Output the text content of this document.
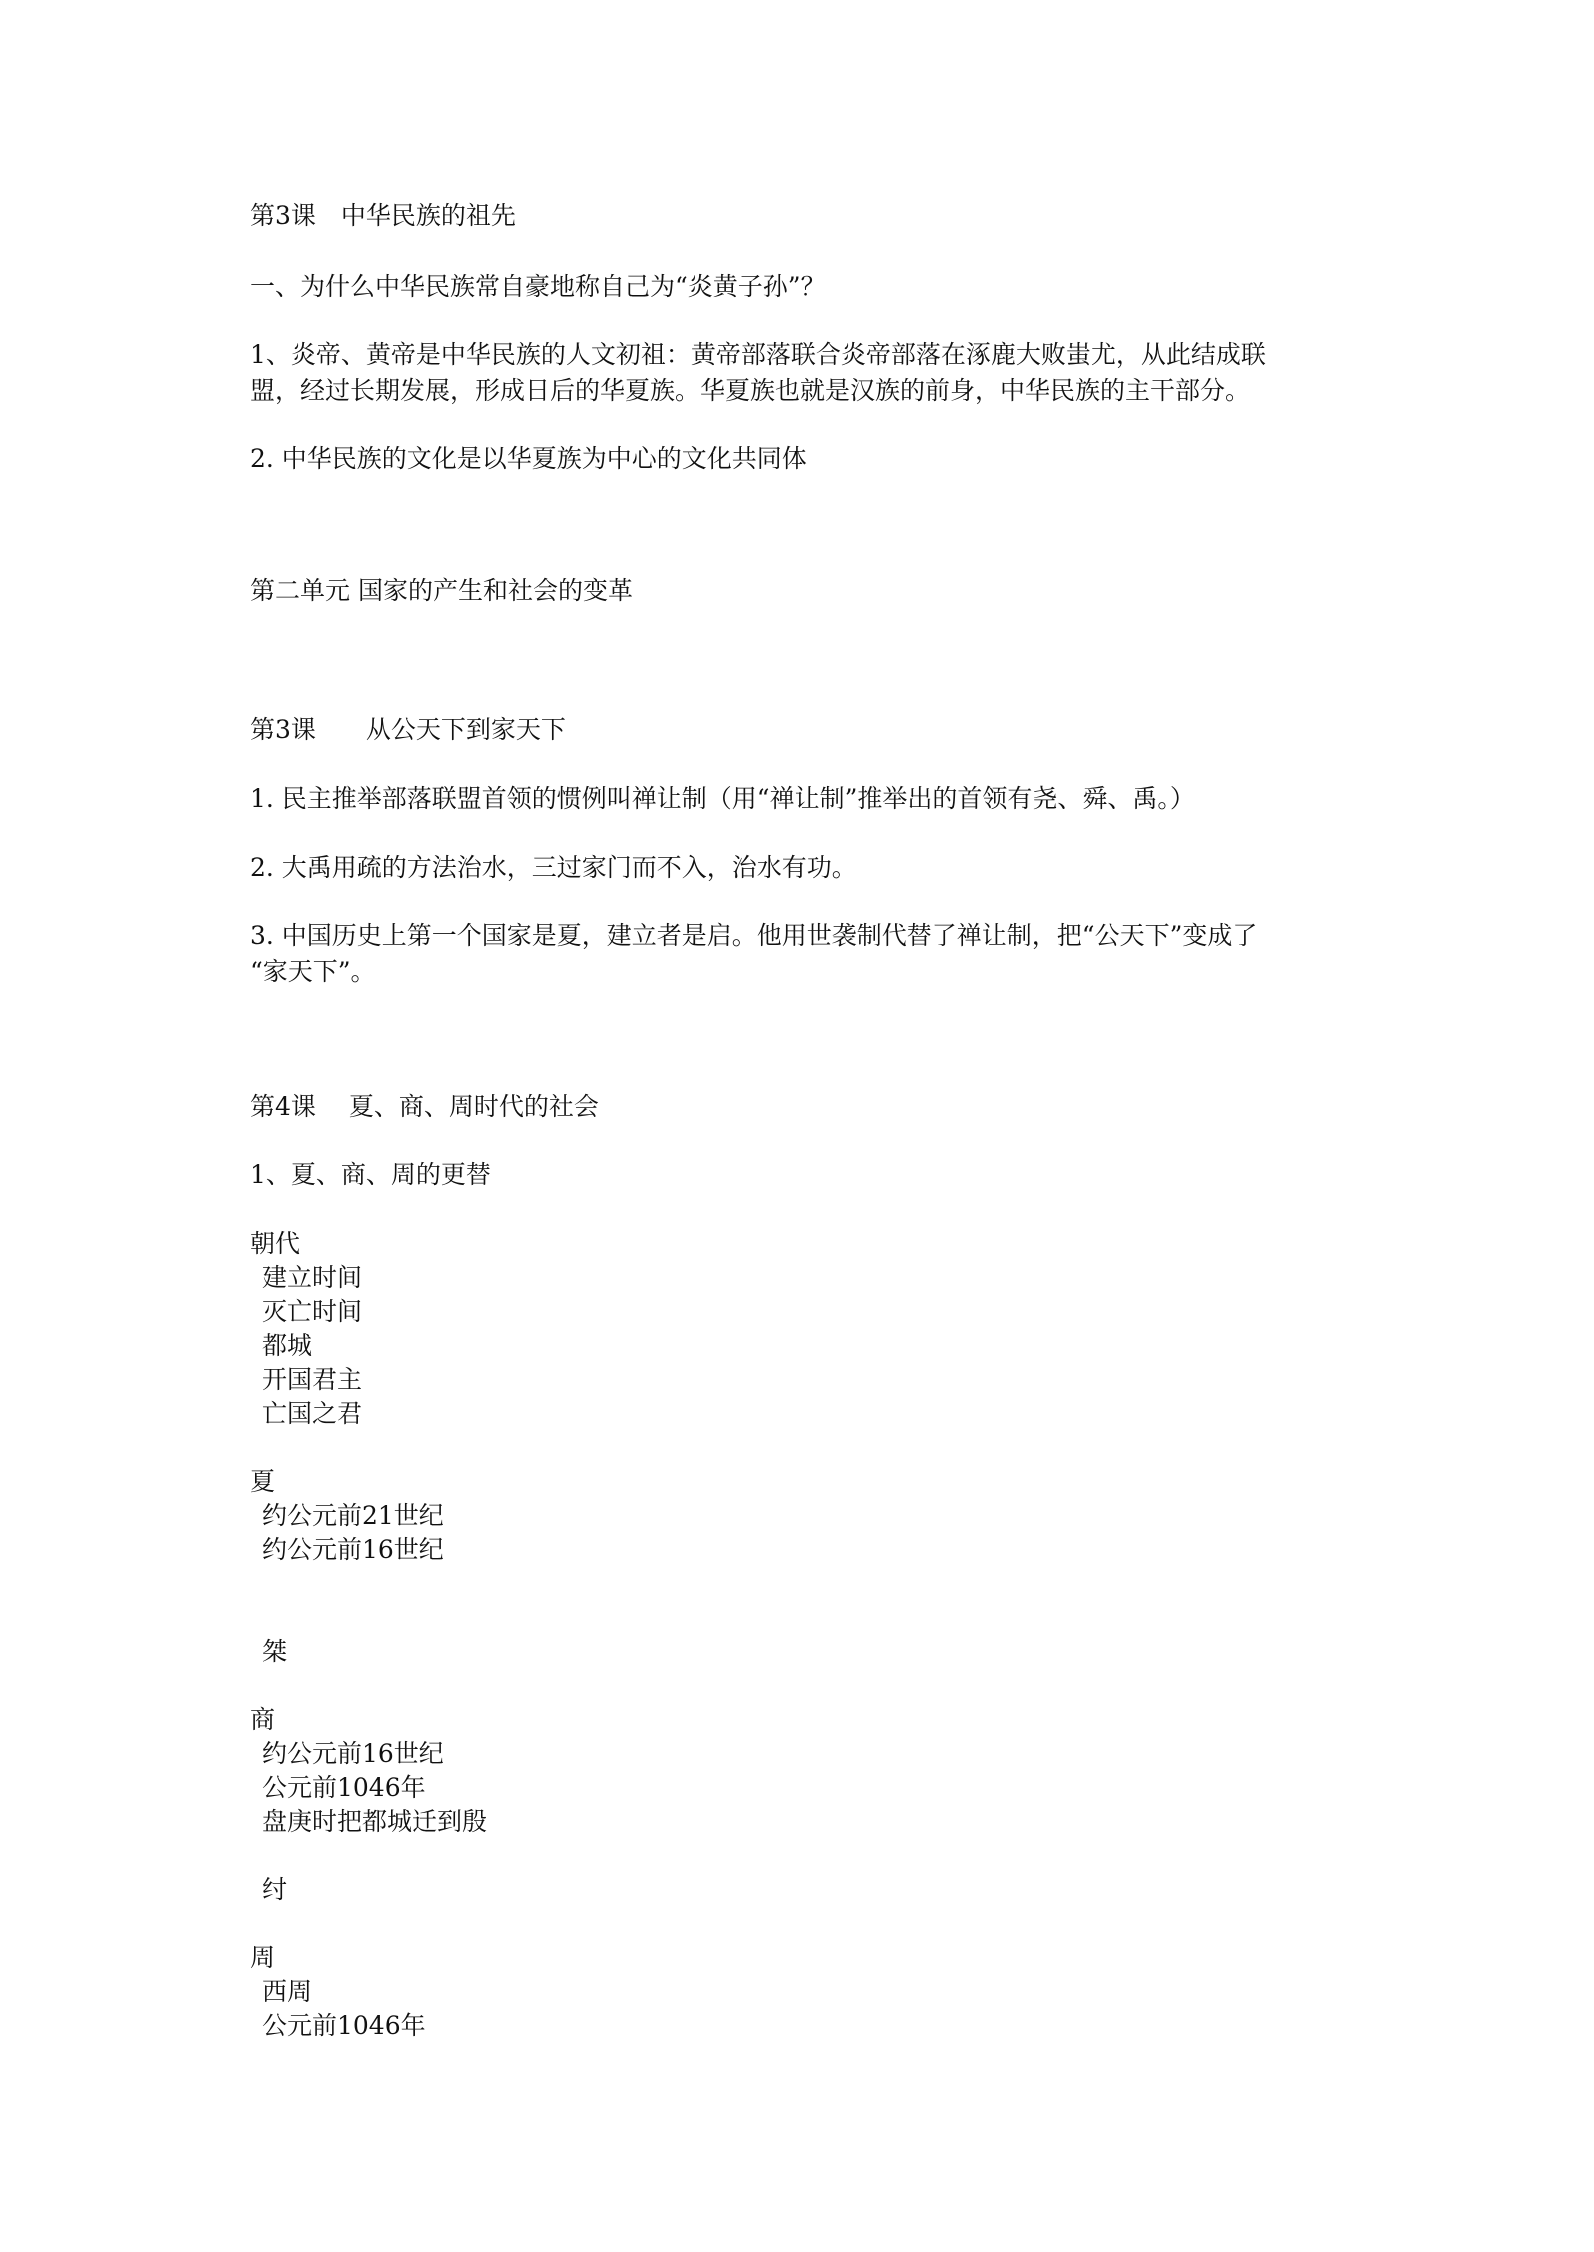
第3课　中华民族的祖先
一、为什么中华民族常自豪地称自己为“炎黄子孙”？
1、炎帝、黄帝是中华民族的人文初祖：黄帝部落联合炎帝部落在涿鹿大败蚩尤，从此结成联
盟，经过长期发展，形成日后的华夏族。华夏族也就是汉族的前身，中华民族的主干部分。
2. 中华民族的文化是以华夏族为中心的文化共同体
第二单元 国家的产生和社会的变革
第3课　　从公天下到家天下
1. 民主推举部落联盟首领的惯例叫禅让制（用“禅让制”推举出的首领有尧、舜、禹。）
2. 大禹用疏的方法治水，三过家门而不入，治水有功。
3. 中国历史上第一个国家是夏，建立者是启。他用世袭制代替了禅让制，把“公天下”变成了
“家天下”。
第4课　 夏、商、周时代的社会
1、夏、商、周的更替
朝代
建立时间
灭亡时间
都城
开国君主
亡国之君
夏
约公元前21世纪
约公元前16世纪
桀
商
约公元前16世纪
公元前1046年
盘庚时把都城迁到殷
纣
周
西周
公元前1046年
